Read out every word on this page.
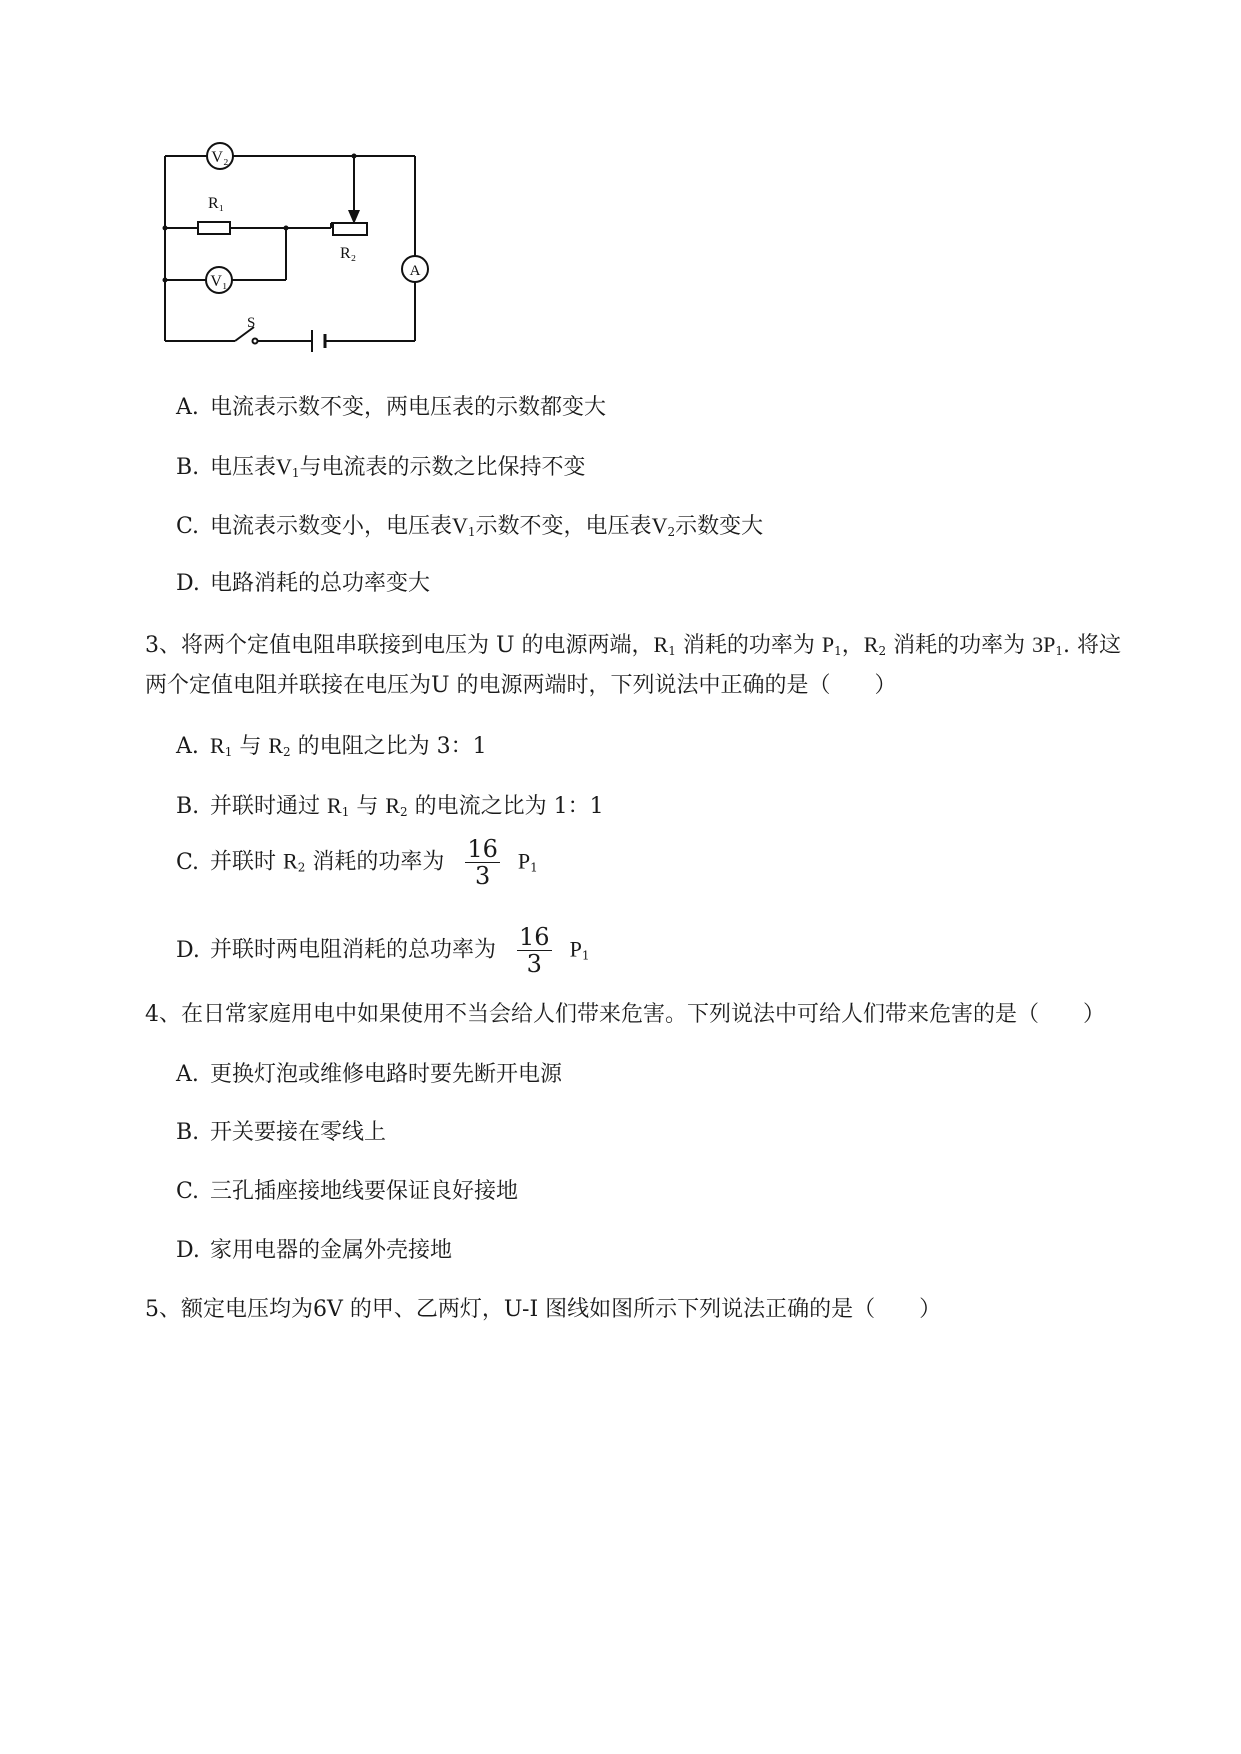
V₂
V₁
A
R₁
R₂
S
A. 电流表示数不变，两电压表的示数都变大
B. 电压表$V_1$与电流表的示数之比保持不变
C. 电流表示数变小，电压表$V_1$示数不变，电压表$V_2$示数变大
D. 电路消耗的总功率变大
3、将两个定值电阻串联接到电压为 U 的电源两端，$R_1$ 消耗的功率为 $P_1$，$R_2$ 消耗的功率为 $3P_1$. 将这
两个定值电阻并联接在电压为U 的电源两端时，下列说法中正确的是（　　）
A. $R_1$ 与 $R_2$ 的电阻之比为 3：1
B. 并联时通过 $R_1$ 与 $R_2$ 的电流之比为 1：1
C. 并联时 $R_2$ 消耗的功率为 $\frac{16}{3} P_1$
D. 并联时两电阻消耗的总功率为 $\frac{16}{3} P_1$
4、在日常家庭用电中如果使用不当会给人们带来危害。下列说法中可给人们带来危害的是（　　）
A. 更换灯泡或维修电路时要先断开电源
B. 开关要接在零线上
C. 三孔插座接地线要保证良好接地
D. 家用电器的金属外壳接地
5、额定电压均为6V 的甲、乙两灯，U-I 图线如图所示下列说法正确的是（　　）
